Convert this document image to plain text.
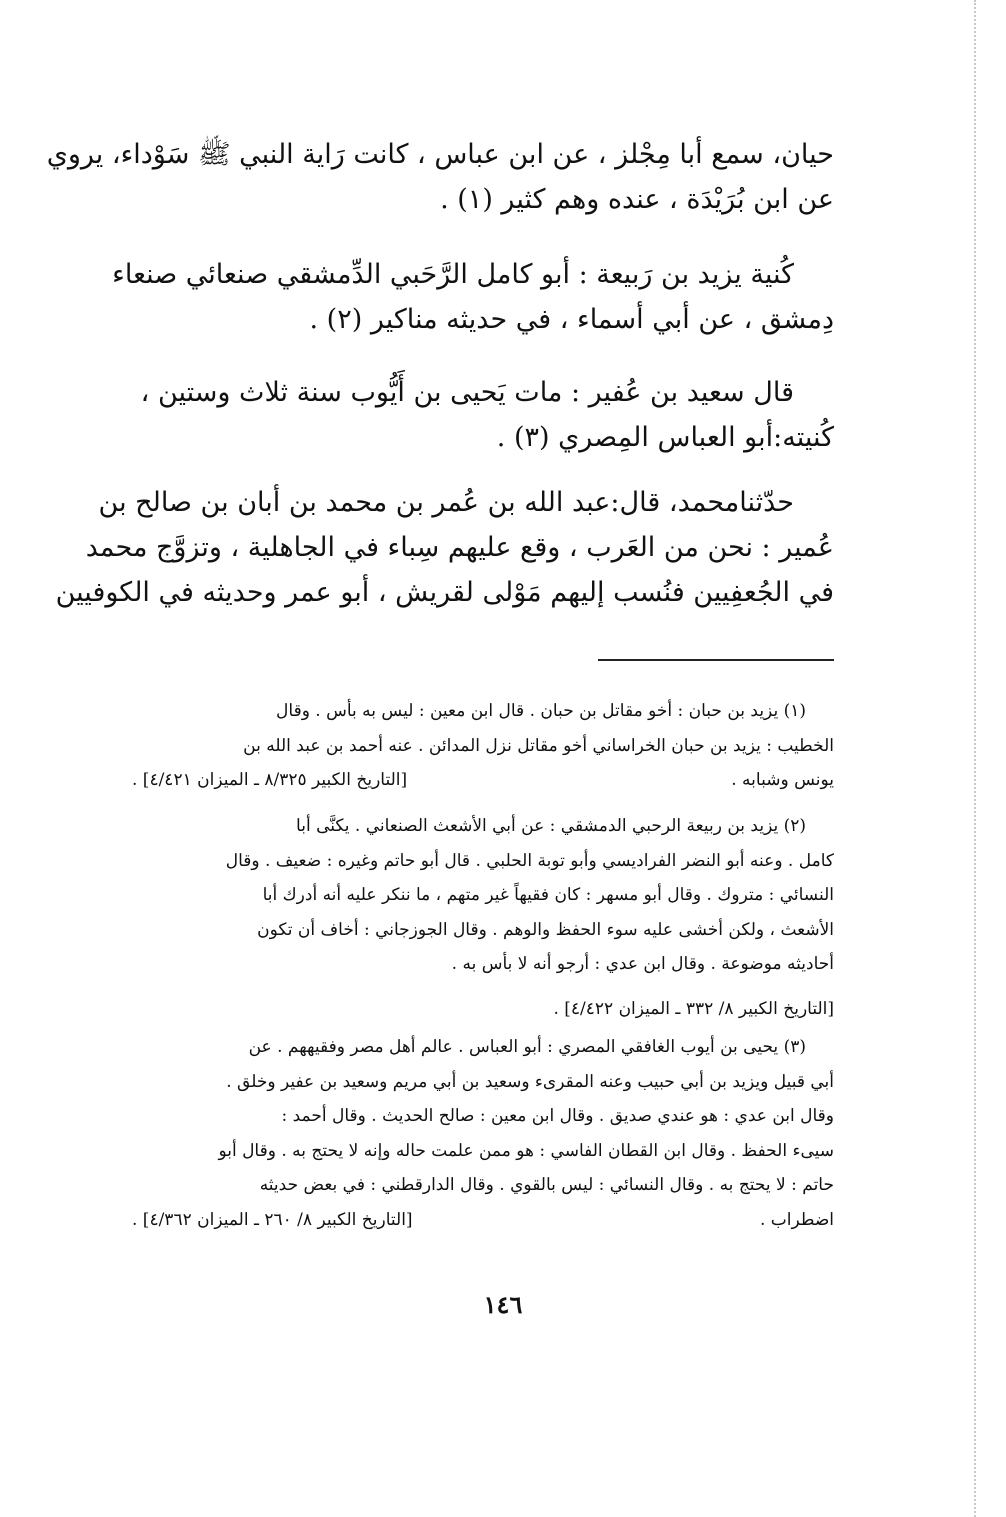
حيان، سمع أبا مِجْلز ، عن ابن عباس ، كانت رَاية النبي ﷺ سَوْداء، يروي
عن ابن بُرَيْدَة ، عنده وهم كثير (١) .
كُنية يزيد بن رَبيعة : أبو كامل الرَّحَبي الدِّمشقي صنعائي صنعاء
دِمشق ، عن أبي أسماء ، في حديثه مناكير (٢) .
قال سعيد بن عُفير : مات يَحيى بن أَيُّوب سنة ثلاث وستين ،
كُنيته:أبو العباس المِصري (٣) .
حدّثنامحمد، قال:عبد الله بن عُمر بن محمد بن أبان بن صالح بن
عُمير : نحن من العَرب ، وقع عليهم سِباء في الجاهلية ، وتزوَّج محمد
في الجُعفِيين فنُسب إليهم مَوْلى لقريش ، أبو عمر وحديثه في الكوفيين
(١) يزيد بن حبان : أخو مقاتل بن حبان . قال ابن معين : ليس به بأس . وقال
الخطيب : يزيد بن حبان الخراساني أخو مقاتل نزل المدائن . عنه أحمد بن عبد الله بن
يونس وشبابه .
[التاريخ الكبير ٨/٣٢٥ ـ الميزان ٤/٤٢١] .
(٢) يزيد بن ربيعة الرحبي الدمشقي : عن أبي الأشعث الصنعاني . يكنَّى أبا
كامل . وعنه أبو النضر الفراديسي وأبو توبة الحلبي . قال أبو حاتم وغيره : ضعيف . وقال
النسائي : متروك . وقال أبو مسهر : كان فقيهاً غير متهم ، ما ننكر عليه أنه أدرك أبا
الأشعث ، ولكن أخشى عليه سوء الحفظ والوهم . وقال الجوزجاني : أخاف أن تكون
أحاديثه موضوعة . وقال ابن عدي : أرجو أنه لا بأس به .
[التاريخ الكبير ٨/ ٣٣٢ ـ الميزان ٤/٤٢٢] .
(٣) يحيى بن أيوب الغافقي المصري : أبو العباس . عالم أهل مصر وفقيههم . عن
أبي قبيل ويزيد بن أبي حبيب وعنه المقرىء وسعيد بن أبي مريم وسعيد بن عفير وخلق .
وقال ابن عدي : هو عندي صديق . وقال ابن معين : صالح الحديث . وقال أحمد :
سيىء الحفظ . وقال ابن القطان الفاسي : هو ممن علمت حاله وإنه لا يحتج به . وقال أبو
حاتم : لا يحتج به . وقال النسائي : ليس بالقوي . وقال الدارقطني : في بعض حديثه
اضطراب .
[التاريخ الكبير ٨/ ٢٦٠ ـ الميزان ٤/٣٦٢] .
١٤٦
